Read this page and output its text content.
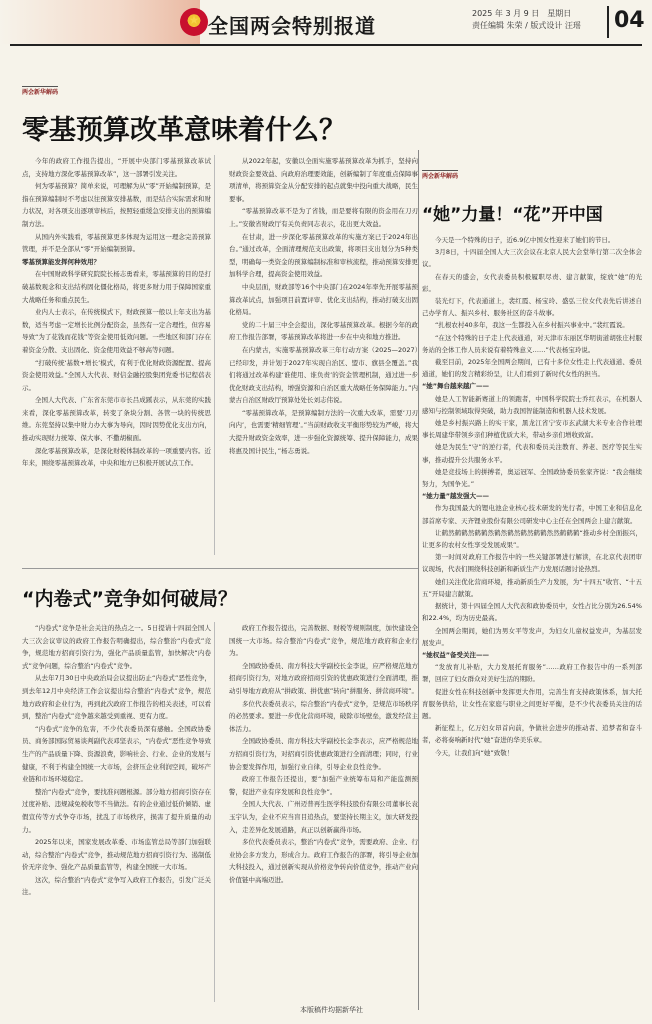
★
全国两会特别报道
2025 年 3 月 9 日　星期日
责任编辑 朱荣 / 版式设计 汪瑶 04
两会新华解码
零基预算改革意味着什么？

今年的政府工作报告提出，“开展中央部门零基预算改革试点，支持地方深化零基预算改革”，这一部署引发关注。

何为零基预算？简单来说，可理解为从“零”开始编制预算，是指在预算编制时不考虑以往预算安排基数，而是结合实际需求和财力状况，对各项支出逐项审核后，按照轻重缓急安排支出的预算编制方法。

从国内外实践看，零基预算更多体现为运用这一理念完善预算管理，并不是全部从“零”开始编制预算。

零基预算能发挥何种效用？

在中国财政科学研究院院长杨志勇看来，零基预算的目的是打破基数观念和支出结构固化僵化格局，将更多财力用于保障国家重大战略任务和重点民生。

业内人士表示，在传统模式下，财政预算一般以上年支出为基数，适当考虑一定增长比例分配资金，虽然有一定合理性，但容易导致“为了花钱而花钱”等资金使用低效问题。一些地区和部门存在着资金分散、支出固化、资金使用效益不够高等问题。

“打破传统‘基数+增长’模式，有利于优化财政资源配置、提高资金使用效益。”全国人大代表、财信金融控股集团党委书记程蓓表示。

全国人大代表、广东省东莞市市长吕成蹊表示，从东莞的实践来看，深化零基预算改革，转变了条块分割、各管一块的传统思维。东莞坚持以集中财力办大事为导向，因时因势优化支出方向，推动实现财力统筹、保大事、不撒胡椒面。

深化零基预算改革，是深化财税体制改革的一项重要内容。近年来，围绕零基预算改革，中央和地方已积极开展试点工作。

从2022年起，安徽以全面实施零基预算改革为抓手，坚持向财政资金要效益、向政府治理要效能，创新编制了年度重点保障事项清单，将预算资金从分配安排的起点就集中投向重大战略，民生要事。

“零基预算改革不是为了省钱，而是要将有限的资金用在刀刃上。”安徽省财政厅有关负责同志表示，花出更大效益。

在甘肃，进一步深化零基预算改革的实施方案已于2024年出台。”通过改革，全面清理规范支出政策，将项目支出划分为5种类型，明确每一类资金的预算编制标准和审核流程，推动预算安排更加科学合理，提高资金使用效益。

中央层面，财政部等16个中央部门在2024年率先开展零基预算改革试点，加强项目前置评审、优化支出结构，推动打破支出固化格局。

党的二十届三中全会提出，深化零基预算改革。根据今年的政府工作报告部署，零基预算改革将进一步在中央和地方推进。

在内蒙古，实施零基预算改革三年行动方案（2025—2027）已经印发，并计划于2027年实现自治区、盟市、旗县全覆盖。”我们将通过改革构建‘谁使用、谁负责’的资金管理机制，通过进一步优化财政支出结构，增强资源和自治区重大战略任务保障能力。”内蒙古自治区财政厅预算处处长刘志伟说。

“零基预算改革，是预算编制方法的一次重大改革，需要‘刀刃向内’，也需要‘精细管理’。”当前财政收支平衡形势较为严峻，将大大提升财政资金效率，进一步强化资源统筹、提升保障能力，成果将惠及国计民生，”杨志勇说。

“内卷式”竞争如何破局？

“内卷式”竞争是社会关注的热点之一。5日提请十四届全国人大三次会议审议的政府工作报告明确提出，综合整治“内卷式”竞争，规范地方招商引资行为，强化产品质量监管，加快解决“内卷式”竞争问题，综合整治“内卷式”竞争。

从去年7月30日中央政治局会议提出防止“内卷式”恶性竞争，到去年12月中央经济工作会议提出综合整治“内卷式”竞争，规范地方政府和企业行为，再到此次政府工作报告的相关表述，可以看到，整治“内卷式”竞争越来越受到重视、更有力度。

“内卷式”竞争的危害，不少代表委员深有感触。全国政协委员、商务部国际贸易谈判副代表邓坚表示，“内卷式”恶性竞争导致生产的产品质量下降、资源浪费，影响社会、行业、企业的发展与健康，不利于构建全国统一大市场，会挤压企业利润空间，破坏产业链和市场环境稳定。

整治“内卷式”竞争，要找准问题根源。部分地方招商引资存在过度补贴、违规减免税收等不当做法。有的企业通过低价倾销、虚假宣传等方式争夺市场，扰乱了市场秩序，损害了提升质量的动力。

2025年以来，国家发展改革委、市场监管总局等部门加强联动，综合整治“内卷式”竞争，推动规范地方招商引资行为、遏制低价无序竞争、强化产品质量监管等，构建全国统一大市场。

这次，综合整治“内卷式”竞争写入政府工作报告，引发广泛关注。

政府工作报告提出，完善数据、财税等规则制度，加快建设全国统一大市场。综合整治“内卷式”竞争，规范地方政府和企业行为。

全国政协委员、南方科技大学副校长金李说，应严格规范地方招商引资行为，对地方政府招商引资的优惠政策进行全面清理，推动引导地方政府从“拼政策、拼优惠”转向“拼服务、拼营商环境”。

多位代表委员表示，综合整治“内卷式”竞争，是规范市场秩序的必然要求。要进一步优化营商环境，破除市场壁垒，激发经营主体活力。

全国政协委员、南方科技大学副校长金李表示，应严格规范地方招商引资行为，对招商引资优惠政策进行全面清理；同时，行业协会要发挥作用，加强行业自律，引导企业良性竞争。

政府工作报告还提出，要“加强产业统筹布局和产能监测预警，促进产业有序发展和良性竞争”。

全国人大代表、广州迈普再生医学科技股份有限公司董事长袁玉宇认为，企业不应当盲目追热点，要坚持长期主义，加大研发投入，走差异化发展道路，真正以创新赢得市场。

多位代表委员表示，整治“内卷式”竞争，需要政府、企业、行业协会多方发力，形成合力。政府工作报告的部署，将引导企业加大科技投入，通过创新实现从价格竞争转向价值竞争，推动产业向价值链中高端迈进。

本版稿件均据新华社
两会新华解码
“她”力量！“花”开中国

今天是一个特殊的日子，近6.9亿中国女性迎来了她们的节日。

3月8日，十四届全国人大三次会议在北京人民大会堂举行第二次全体会议。

在春天的盛会，女代表委员积极履职尽责、建言献策，绽放“她”的光彩。

装光灯下，代表通道上，裴红霞、杨宝玲、盛弘三位女代表先后讲述自己办学育人、振兴乡村、服务社区的奋斗故事。

“扎根农村40多年，我这一生都投入在乡村振兴事业中。”裴红霞说。

“在这个特殊的日子走上代表通道，对天津市东丽区华明街道胡张庄村服务站的全体工作人员来说有着特殊意义……”代表杨宝玲说。

截至目前，2025年全国两会期间，已有十多位女性走上代表通道、委员通道，她们的发言精彩纷呈，让人们看到了新时代女性的担当。

“她”舞台越来越广——

她是人工智能新赛道上的领跑者，中国科学院院士乔红表示，在机器人感知与控制领域取得突破，助力我国智能制造和机器人技术发展。

她是乡村振兴路上的实干家，黑龙江省宁安市玄武湖大米专业合作社理事长周建华带领乡亲们种植优质大米，带动乡亲们增收致富。

她是为民生“守”的逆行者，代表和委员关注教育、养老、医疗等民生实事，推动提升公共服务水平。

她是竞技场上的拼搏者，奥运冠军、全国政协委员张家齐说：“我会继续努力，为国争光。”

“她力量”越发强大——

作为我国最大的锂电池企业核心技术研发的先行者，中国工业和信息化部首席专家、天齐锂业股份有限公司研发中心主任在全国两会上建言献策。

让鹤然鹤鹤然鹤鹤然鹤然鹤然鹤然鹤鹤然然鹤鹤鹤“推动乡村全面振兴，让更多的农村女性享受发展成果”。

第一时间对政府工作报告中的一些关键部署进行解读，在北京代表团审议现场，代表们围绕科技创新和新质生产力发展话题讨论热烈。

她们关注优化营商环境，推动新质生产力发展，为“十四五”收官、“十五五”开局建言献策。

据统计，第十四届全国人大代表和政协委员中，女性占比分别为26.54%和22.4%，均为历史最高。

全国两会期间，她们为男女平等发声，为妇女儿童权益发声，为基层发展发声。

“她权益”备受关注——

“发放育儿补贴，大力发展托育服务”……政府工作报告中的一系列部署，回应了妇女群众对美好生活的期盼。

促进女性在科技创新中发挥更大作用，完善生育支持政策体系，加大托育服务供给，让女性在家庭与职业之间更好平衡，是不少代表委员关注的话题。

新征程上，亿万妇女昂首向前，争做社会进步的推动者、追梦者和奋斗者，必将奏响新时代“她”奋进的华美乐章。

今天，让我们向“她”致敬！
